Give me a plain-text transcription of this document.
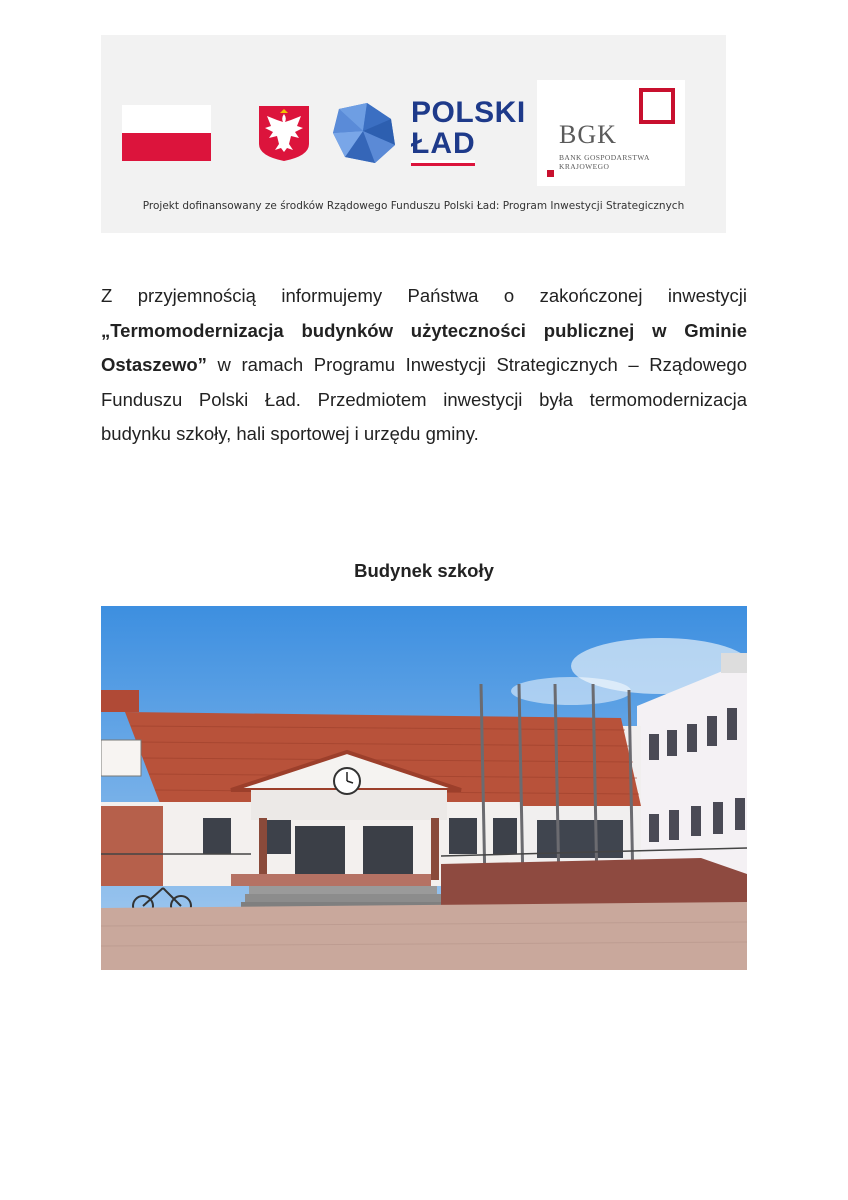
POLSKI
ŁAD	BGK
BANK GOSPODARSTWA KRAJOWEGO
Projekt dofinansowany ze środków Rządowego Funduszu Polski Ład: Program Inwestycji Strategicznych

Z przyjemnością informujemy Państwa o zakończonej inwestycji „Termomodernizacja budynków użyteczności publicznej w Gminie Ostaszewo” w ramach Programu Inwestycji Strategicznych – Rządowego Funduszu Polski Ład. Przedmiotem inwestycji była termomodernizacja budynku szkoły, hali sportowej i urzędu gminy.

Budynek szkoły
